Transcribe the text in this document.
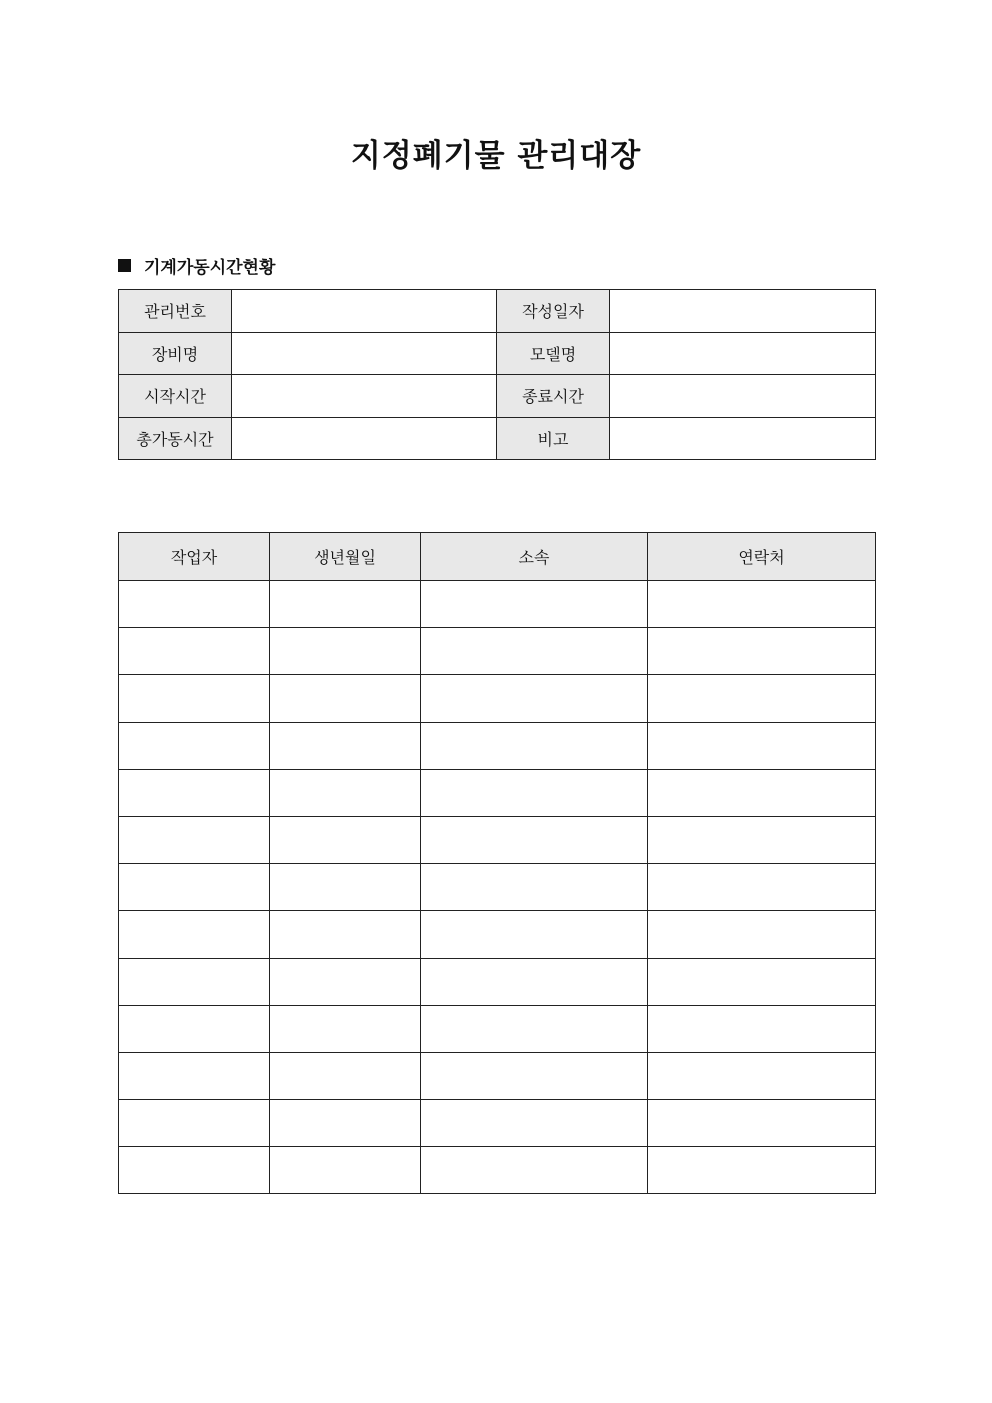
지정폐기물 관리대장
기계가동시간현황
관리번호		작성일자	
장비명		모델명	
시작시간		종료시간	
총가동시간		비고	
작업자	생년월일	소속	연락처
